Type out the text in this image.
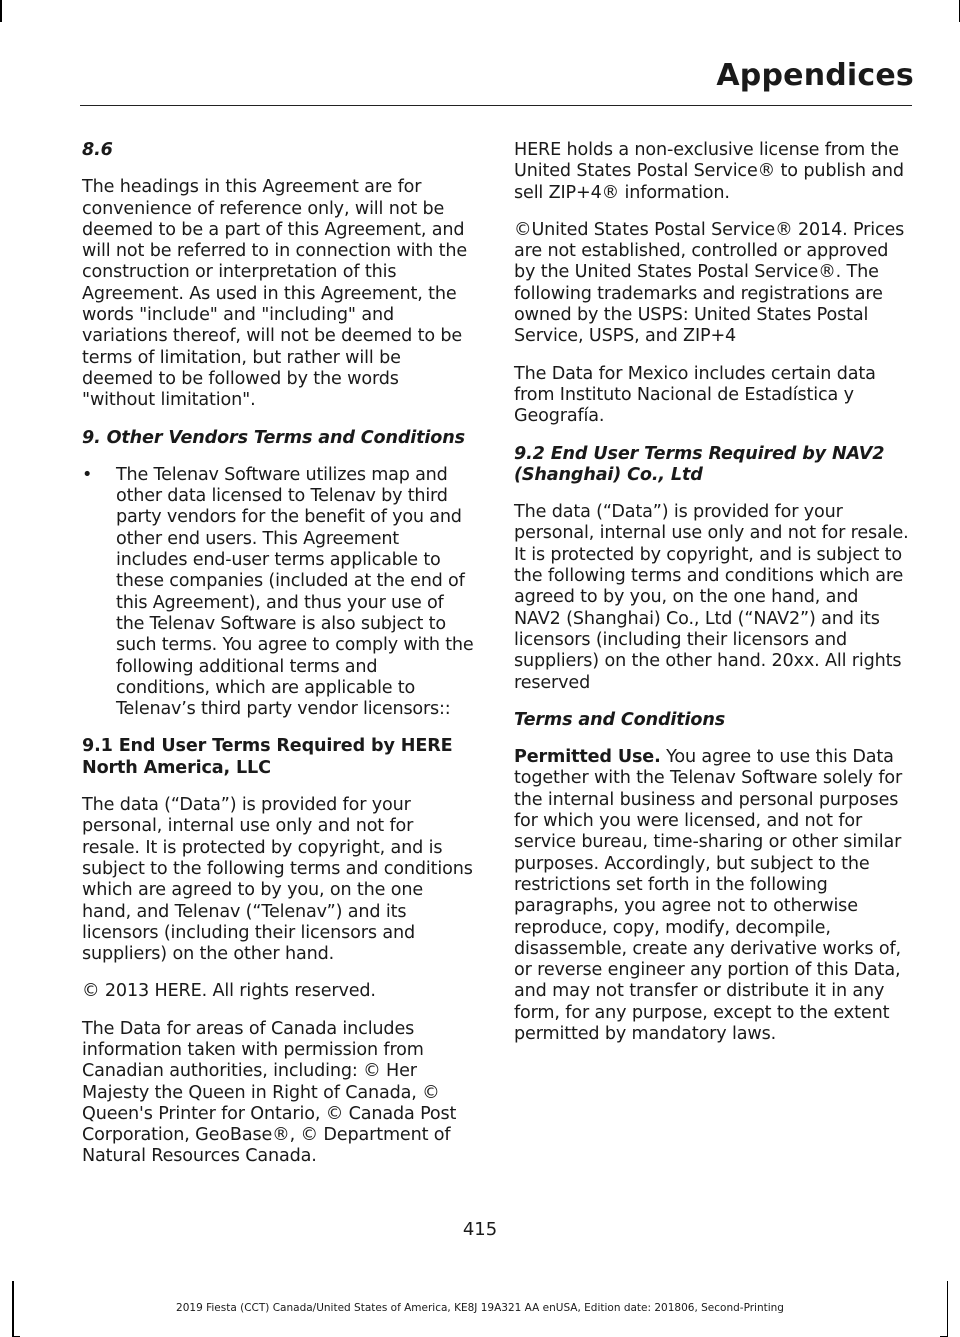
Appendices
8.6

The headings in this Agreement are for convenience of reference only, will not be deemed to be a part of this Agreement, and will not be referred to in connection with the construction or interpretation of this Agreement. As used in this Agreement, the words "include" and "including" and variations thereof, will not be deemed to be terms of limitation, but rather will be deemed to be followed by the words "without limitation".

9. Other Vendors Terms and Conditions
•	The Telenav Software utilizes map and other data licensed to Telenav by third party vendors for the benefit of you and other end users. This Agreement includes end-user terms applicable to these companies (included at the end of this Agreement), and thus your use of the Telenav Software is also subject to such terms. You agree to comply with the following additional terms and conditions, which are applicable to Telenav’s third party vendor licensors::
9.1 End User Terms Required by HERE North America, LLC

The data (“Data”) is provided for your personal, internal use only and not for resale. It is protected by copyright, and is subject to the following terms and conditions which are agreed to by you, on the one hand, and Telenav (“Telenav”) and its licensors (including their licensors and suppliers) on the other hand.

© 2013 HERE. All rights reserved.

The Data for areas of Canada includes information taken with permission from Canadian authorities, including: © Her Majesty the Queen in Right of Canada, © Queen's Printer for Ontario, © Canada Post Corporation, GeoBase®, © Department of Natural Resources Canada.

HERE holds a non-exclusive license from the United States Postal Service® to publish and sell ZIP+4® information.

©United States Postal Service® 2014. Prices are not established, controlled or approved by the United States Postal Service®. The following trademarks and registrations are owned by the USPS: United States Postal Service, USPS, and ZIP+4

The Data for Mexico includes certain data from Instituto Nacional de Estadística y Geografía.

9.2 End User Terms Required by NAV2 (Shanghai) Co., Ltd

The data (“Data”) is provided for your personal, internal use only and not for resale. It is protected by copyright, and is subject to the following terms and conditions which are agreed to by you, on the one hand, and NAV2 (Shanghai) Co., Ltd (“NAV2”) and its licensors (including their licensors and suppliers) on the other hand. 20xx. All rights reserved

Terms and Conditions

Permitted Use. You agree to use this Data together with the Telenav Software solely for the internal business and personal purposes for which you were licensed, and not for service bureau, time-sharing or other similar purposes. Accordingly, but subject to the restrictions set forth in the following paragraphs, you agree not to otherwise reproduce, copy, modify, decompile, disassemble, create any derivative works of, or reverse engineer any portion of this Data, and may not transfer or distribute it in any form, for any purpose, except to the extent permitted by mandatory laws.

415

2019 Fiesta (CCT) Canada/United States of America, KE8J 19A321 AA enUSA, Edition date: 201806, Second-Printing
